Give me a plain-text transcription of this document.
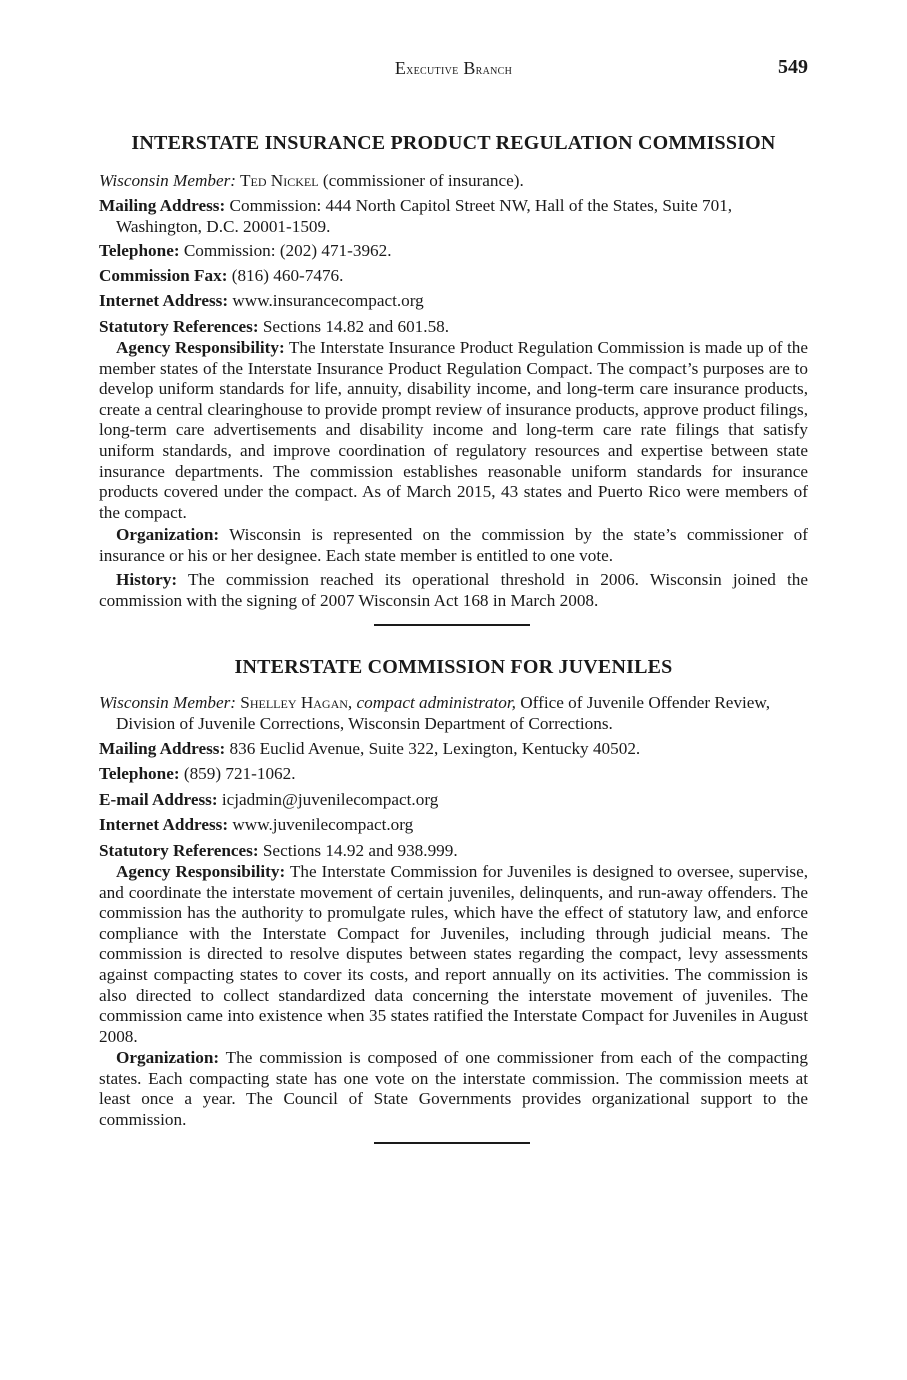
Executive Branch	549
INTERSTATE INSURANCE PRODUCT REGULATION COMMISSION

Wisconsin Member: Ted Nickel (commissioner of insurance).

Mailing Address: Commission: 444 North Capitol Street NW, Hall of the States, Suite 701, Washington, D.C. 20001-1509.

Telephone: Commission: (202) 471-3962.

Commission Fax: (816) 460-7476.

Internet Address: www.insurancecompact.org

Statutory References: Sections 14.82 and 601.58.

Agency Responsibility: The Interstate Insurance Product Regulation Commission is made up of the member states of the Interstate Insurance Product Regulation Compact. The compact’s purposes are to develop uniform standards for life, annuity, disability income, and long-term care insurance products, create a central clearinghouse to provide prompt review of insurance products, approve product filings, long-term care advertisements and disability income and long-term care rate filings that satisfy uniform standards, and improve coordination of regulatory resources and expertise between state insurance departments. The commission establishes reasonable uniform standards for insurance products covered under the compact. As of March 2015, 43 states and Puerto Rico were members of the compact.

Organization: Wisconsin is represented on the commission by the state’s commissioner of insurance or his or her designee. Each state member is entitled to one vote.

History: The commission reached its operational threshold in 2006. Wisconsin joined the commission with the signing of 2007 Wisconsin Act 168 in March 2008.

INTERSTATE COMMISSION FOR JUVENILES

Wisconsin Member: Shelley Hagan, compact administrator, Office of Juvenile Offender Review, Division of Juvenile Corrections, Wisconsin Department of Corrections.

Mailing Address: 836 Euclid Avenue, Suite 322, Lexington, Kentucky 40502.

Telephone: (859) 721-1062.

E-mail Address: icjadmin@juvenilecompact.org

Internet Address: www.juvenilecompact.org

Statutory References: Sections 14.92 and 938.999.

Agency Responsibility: The Interstate Commission for Juveniles is designed to oversee, supervise, and coordinate the interstate movement of certain juveniles, delinquents, and run-away offenders. The commission has the authority to promulgate rules, which have the effect of statutory law, and enforce compliance with the Interstate Compact for Juveniles, including through judicial means. The commission is directed to resolve disputes between states regarding the compact, levy assessments against compacting states to cover its costs, and report annually on its activities. The commission is also directed to collect standardized data concerning the interstate movement of juveniles. The commission came into existence when 35 states ratified the Interstate Compact for Juveniles in August 2008.

Organization: The commission is composed of one commissioner from each of the compacting states. Each compacting state has one vote on the interstate commission. The commission meets at least once a year. The Council of State Governments provides organizational support to the commission.
